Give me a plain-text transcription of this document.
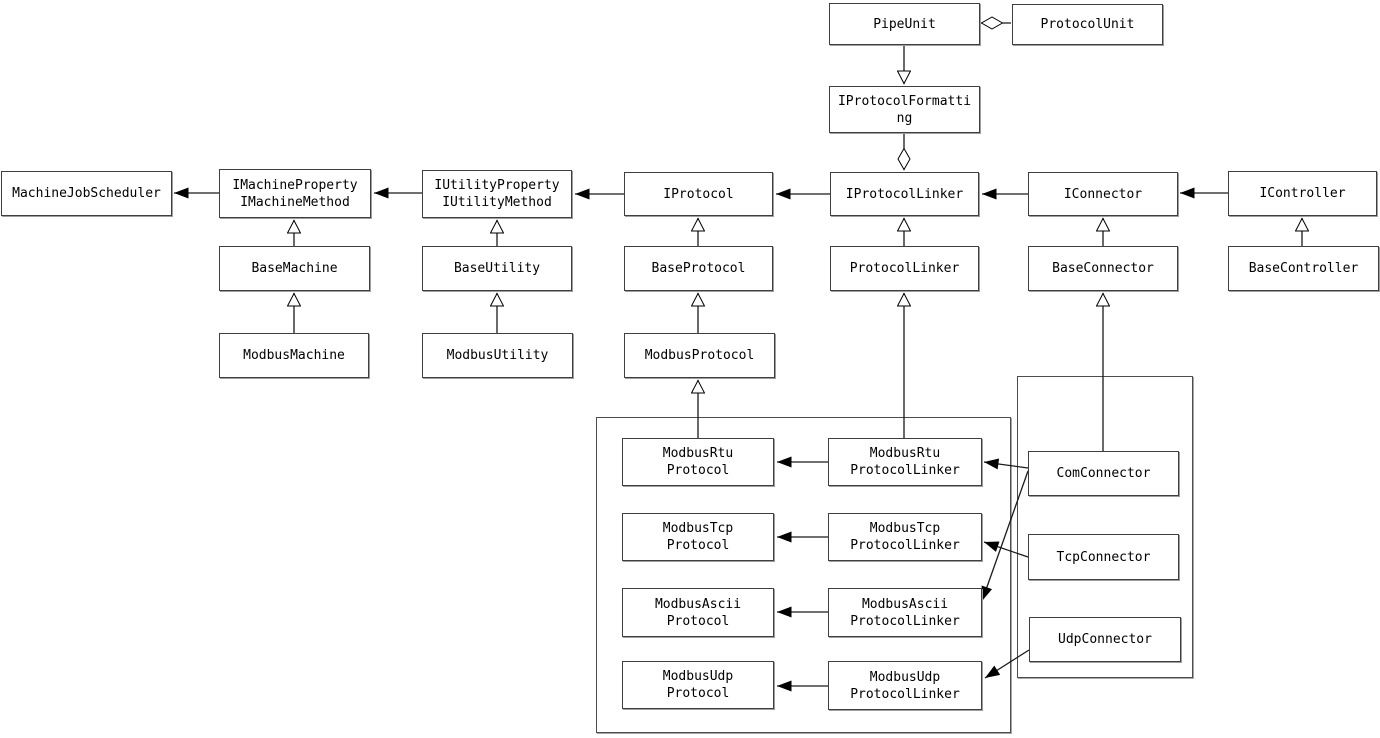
PipeUnit	ProtocolUnit
IProtocolFormatti
ng
MachineJobScheduler
IMachineProperty
IMachineMethod
IUtilityProperty
IUtilityMethod
IProtocol	IProtocolLinker	IConnector	IController
BaseMachine	BaseUtility	BaseProtocol	ProtocolLinker	BaseConnector	BaseController
ModbusMachine	ModbusUtility	ModbusProtocol
ModbusRtu
Protocol
ModbusRtu
ProtocolLinker
ModbusTcp
Protocol
ModbusTcp
ProtocolLinker
ModbusAscii
Protocol
ModbusAscii
ProtocolLinker
ModbusUdp
Protocol
ModbusUdp
ProtocolLinker
ComConnector
TcpConnector
UdpConnector
